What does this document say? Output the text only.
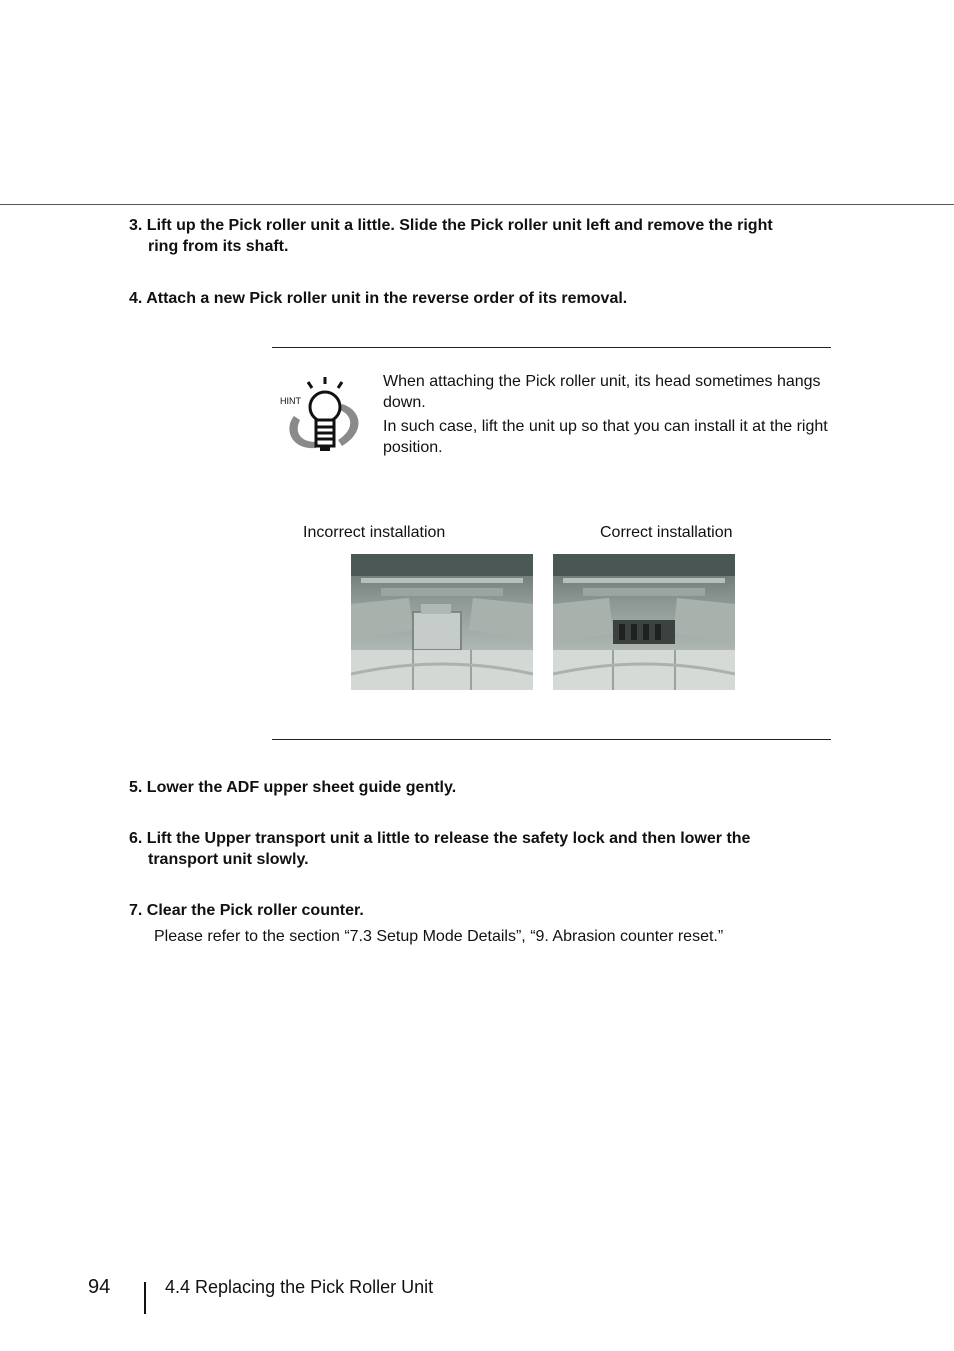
3. Lift up the Pick roller unit a little. Slide the Pick roller unit left and remove the right
ring from its shaft.
4. Attach a new Pick roller unit in the reverse order of its removal.
HINT

When attaching the Pick roller unit, its head sometimes hangs down.

In such case, lift the unit up so that you can install it at the right position.

Incorrect installation	Correct installation
5. Lower the ADF upper sheet guide gently.
6. Lift the Upper transport unit a little to release the safety lock and then lower the
transport unit slowly.
7. Clear the Pick roller counter.
Please refer to the section “7.3 Setup Mode Details”, “9. Abrasion counter reset.”
94	4.4 Replacing the Pick Roller Unit
